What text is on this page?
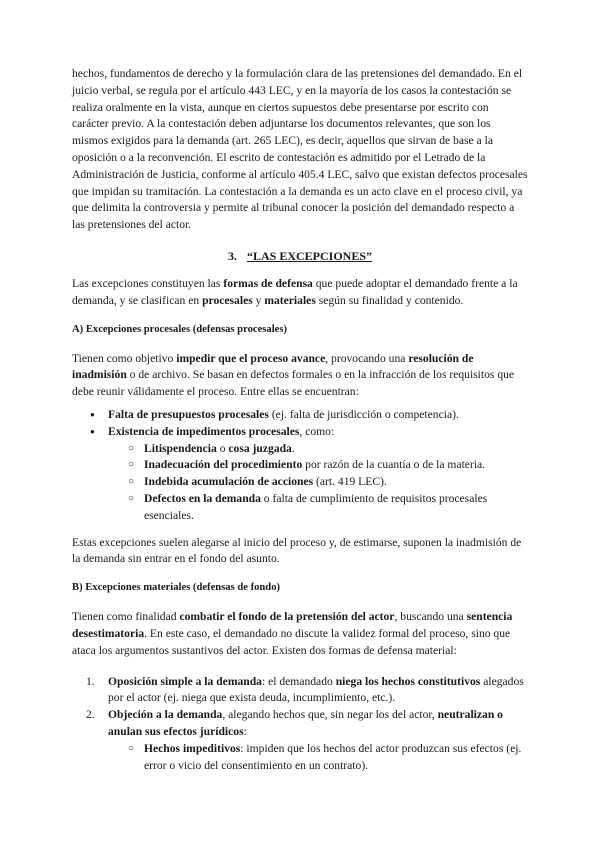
hechos, fundamentos de derecho y la formulación clara de las pretensiones del demandado. En el juicio verbal, se regula por el artículo 443 LEC, y en la mayoría de los casos la contestación se realiza oralmente en la vista, aunque en ciertos supuestos debe presentarse por escrito con carácter previo. A la contestación deben adjuntarse los documentos relevantes, que son los mismos exigidos para la demanda (art. 265 LEC), es decir, aquellos que sirvan de base a la oposición o a la reconvención. El escrito de contestación es admitido por el Letrado de la Administración de Justicia, conforme al artículo 405.4 LEC, salvo que existan defectos procesales que impidan su tramitación. La contestación a la demanda es un acto clave en el proceso civil, ya que delimita la controversia y permite al tribunal conocer la posición del demandado respecto a las pretensiones del actor.

3. “LAS EXCEPCIONES”

Las excepciones constituyen las formas de defensa que puede adoptar el demandado frente a la demanda, y se clasifican en procesales y materiales según su finalidad y contenido.

A) Excepciones procesales (defensas procesales)

Tienen como objetivo impedir que el proceso avance, provocando una resolución de inadmisión o de archivo. Se basan en defectos formales o en la infracción de los requisitos que debe reunir válidamente el proceso. Entre ellas se encuentran:

● Falta de presupuestos procesales (ej. falta de jurisdicción o competencia).
● Existencia de impedimentos procesales, como:
○ Litispendencia o cosa juzgada.
○ Inadecuación del procedimiento por razón de la cuantía o de la materia.
○ Indebida acumulación de acciones (art. 419 LEC).
○ Defectos en la demanda o falta de cumplimiento de requisitos procesales esenciales.

Estas excepciones suelen alegarse al inicio del proceso y, de estimarse, suponen la inadmisión de la demanda sin entrar en el fondo del asunto.

B) Excepciones materiales (defensas de fondo)

Tienen como finalidad combatir el fondo de la pretensión del actor, buscando una sentencia desestimatoria. En este caso, el demandado no discute la validez formal del proceso, sino que ataca los argumentos sustantivos del actor. Existen dos formas de defensa material:

1. Oposición simple a la demanda: el demandado niega los hechos constitutivos alegados por el actor (ej. niega que exista deuda, incumplimiento, etc.).
2. Objeción a la demanda, alegando hechos que, sin negar los del actor, neutralizan o anulan sus efectos jurídicos:
○ Hechos impeditivos: impiden que los hechos del actor produzcan sus efectos (ej. error o vicio del consentimiento en un contrato).
